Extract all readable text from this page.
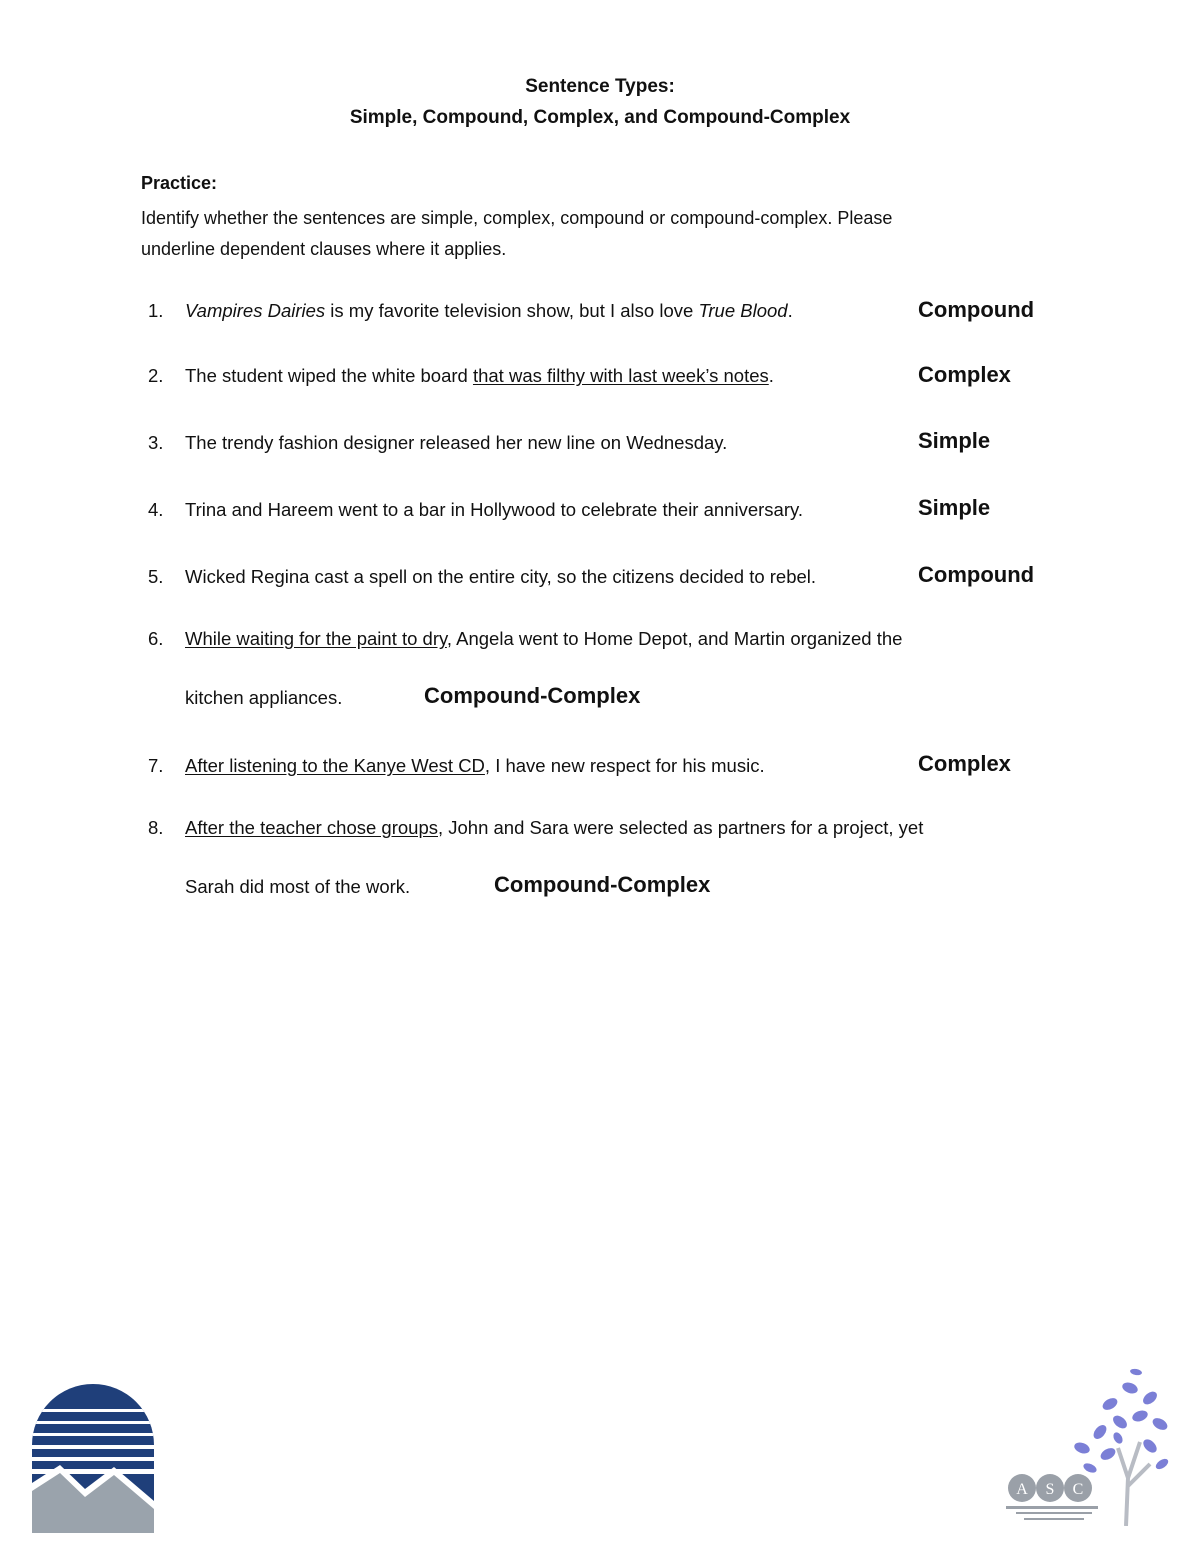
Sentence Types:
Simple, Compound, Complex, and Compound-Complex
Practice:
Identify whether the sentences are simple, complex, compound or compound-complex. Please
underline dependent clauses where it applies.
1. Vampires Dairies is my favorite television show, but I also love True Blood.	Compound
2. The student wiped the white board that was filthy with last week’s notes.	Complex
3. The trendy fashion designer released her new line on Wednesday.	Simple
4. Trina and Hareem went to a bar in Hollywood to celebrate their anniversary.	Simple
5. Wicked Regina cast a spell on the entire city, so the citizens decided to rebel.	Compound
6. While waiting for the paint to dry, Angela went to Home Depot, and Martin organized the
kitchen appliances.	Compound-Complex
7. After listening to the Kanye West CD, I have new respect for his music.	Complex
8. After the teacher chose groups, John and Sara were selected as partners for a project, yet
Sarah did most of the work.	Compound-Complex
A S C
